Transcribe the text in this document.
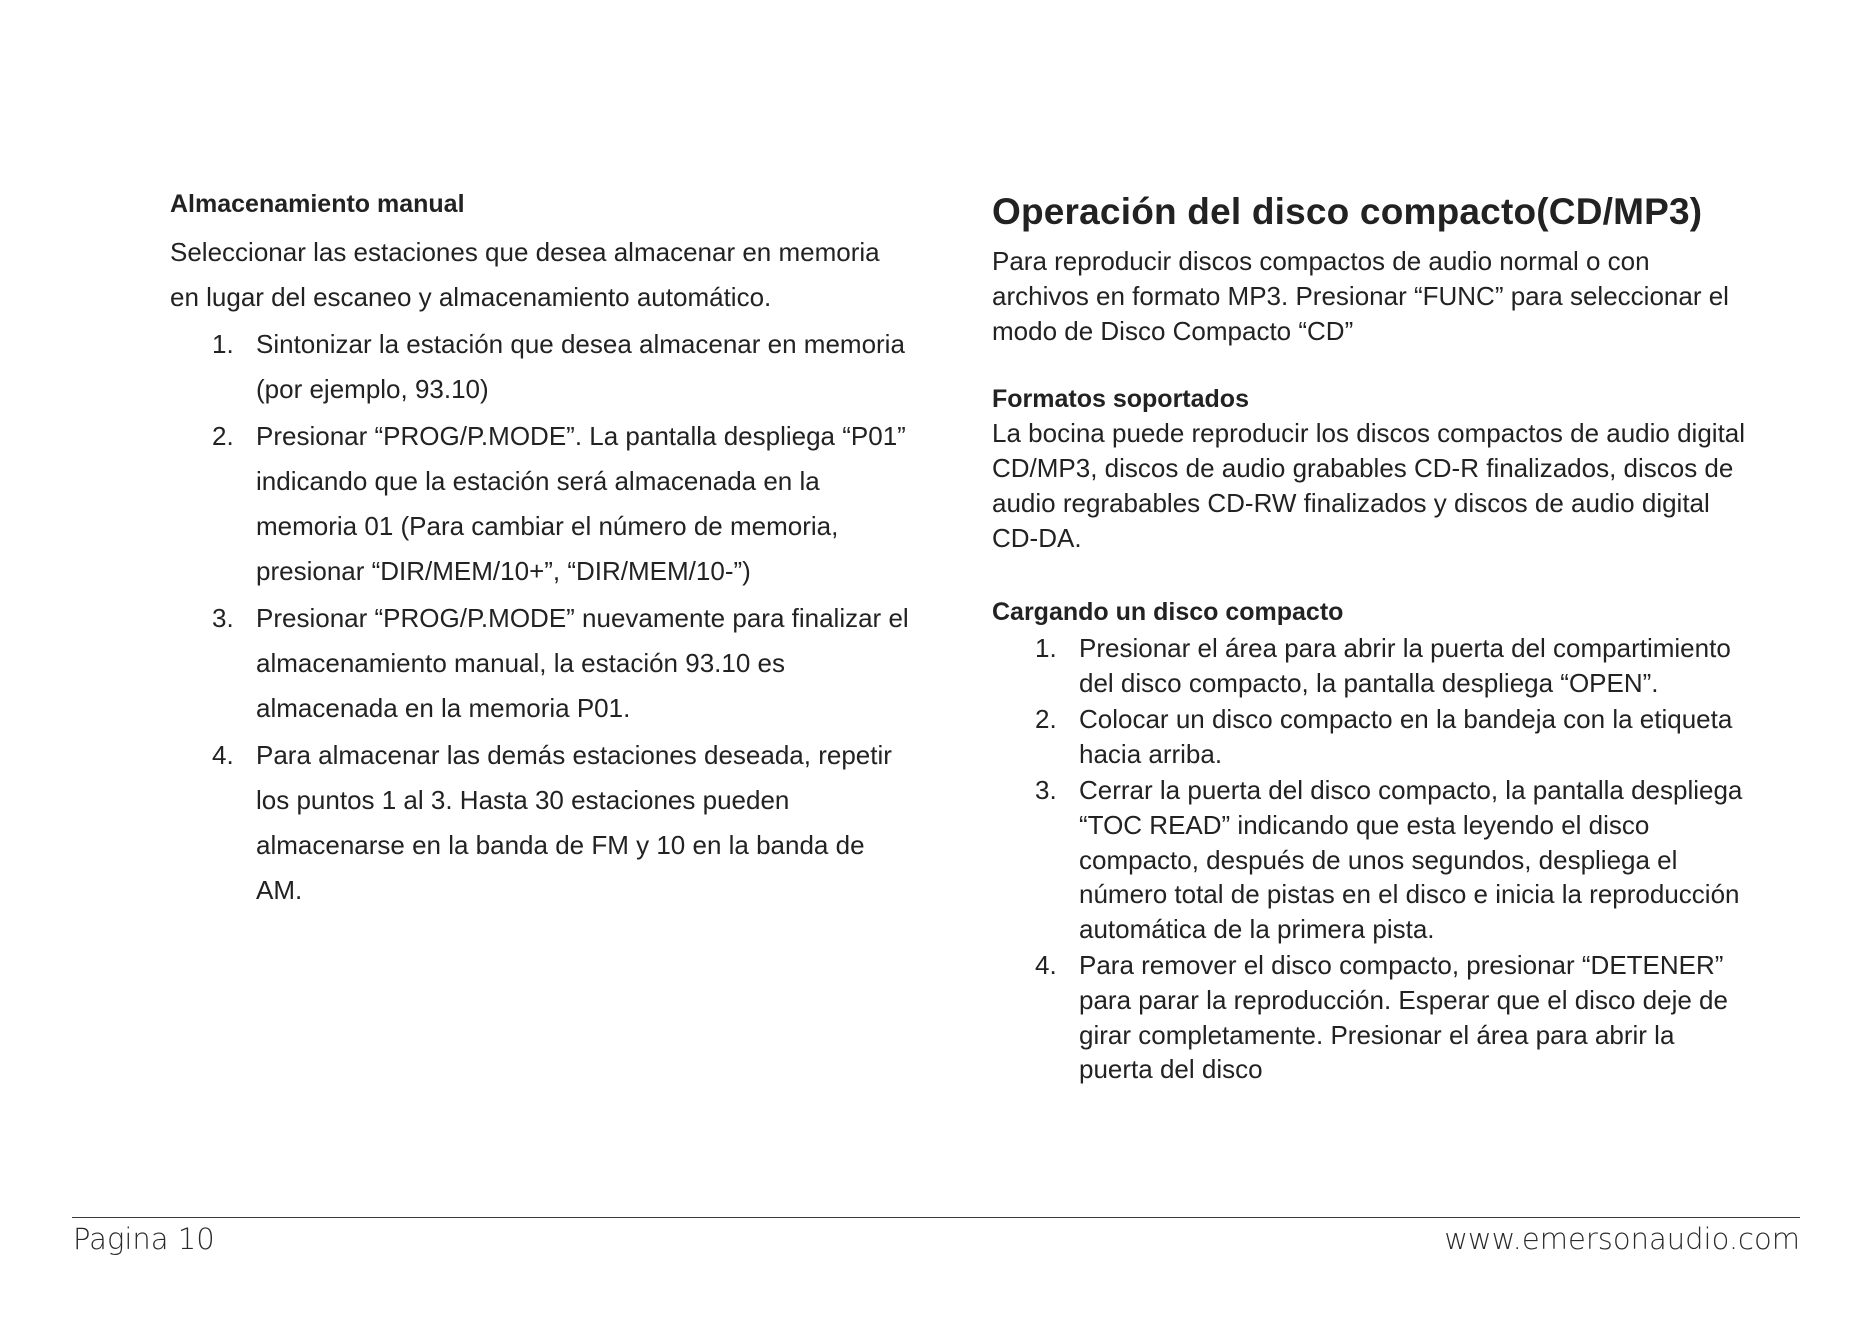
Almacenamiento manual

Seleccionar las estaciones que desea almacenar en memoria en lugar del escaneo y almacenamiento automático.

1. Sintonizar la estación que desea almacenar en memoria (por ejemplo, 93.10)
2. Presionar “PROG/P.MODE”. La pantalla despliega “P01” indicando que la estación será almacenada en la memoria 01 (Para cambiar el número de memoria, presionar “DIR/MEM/10+”, “DIR/MEM/10-”)
3. Presionar “PROG/P.MODE” nuevamente para finalizar el almacenamiento manual, la estación 93.10 es almacenada en la memoria P01.
4. Para almacenar las demás estaciones deseada, repetir los puntos 1 al 3. Hasta 30 estaciones pueden almacenarse en la banda de FM y 10 en la banda de AM.
Operación del disco compacto(CD/MP3)

Para reproducir discos compactos de audio normal o con archivos en formato MP3. Presionar “FUNC” para seleccionar el modo de Disco Compacto “CD”

Formatos soportados

La bocina puede reproducir los discos compactos de audio digital CD/MP3, discos de audio grabables CD-R finalizados, discos de audio regrabables CD-RW finalizados y discos de audio digital CD-DA.

Cargando un disco compacto
1. Presionar el área para abrir la puerta del compartimiento del disco compacto, la pantalla despliega “OPEN”.
2. Colocar un disco compacto en la bandeja con la etiqueta hacia arriba.
3. Cerrar la puerta del disco compacto, la pantalla despliega “TOC READ” indicando que esta leyendo el disco compacto, después de unos segundos, despliega el número total de pistas en el disco e inicia la reproducción automática de la primera pista.
4. Para remover el disco compacto, presionar “DETENER” para parar la reproducción. Esperar que el disco deje de girar completamente. Presionar el área para abrir la puerta del disco
Pagina 10	www.emersonaudio.com
